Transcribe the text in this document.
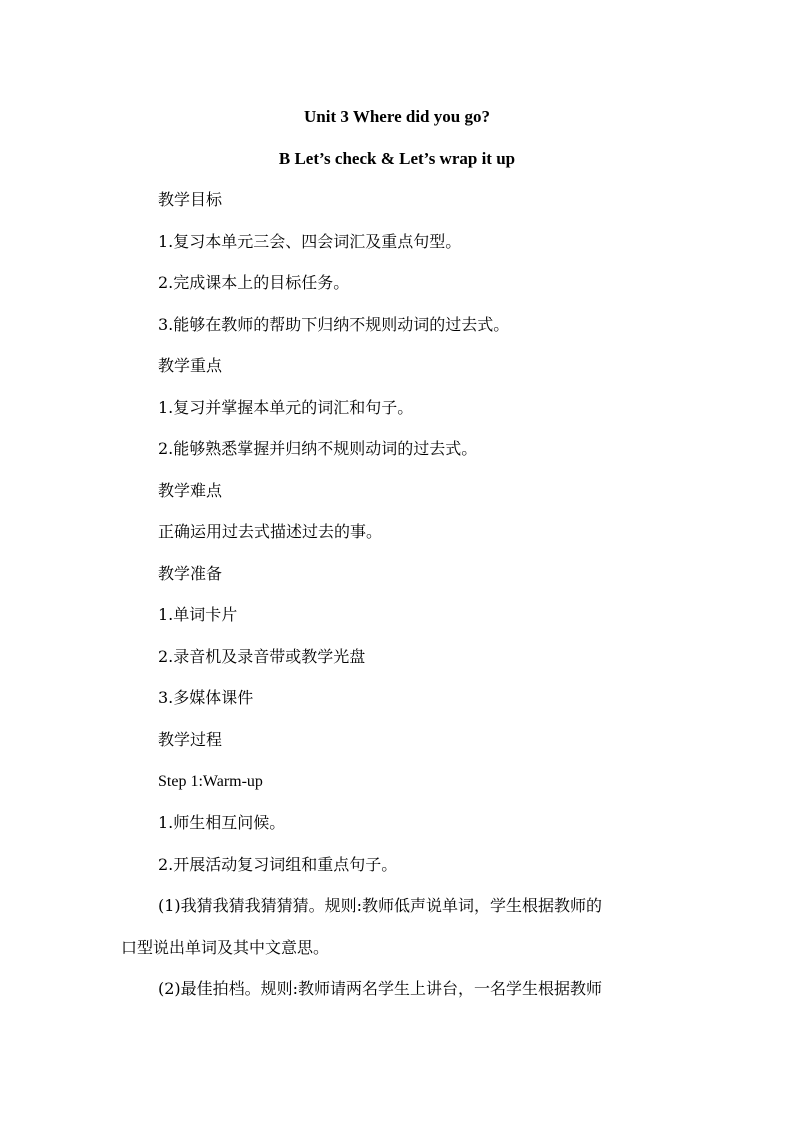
Unit 3 Where did you go?
B Let’s check & Let’s wrap it up
教学目标
1.复习本单元三会、四会词汇及重点句型。
2.完成课本上的目标任务。
3.能够在教师的帮助下归纳不规则动词的过去式。
教学重点
1.复习并掌握本单元的词汇和句子。
2.能够熟悉掌握并归纳不规则动词的过去式。
教学难点
正确运用过去式描述过去的事。
教学准备
1.单词卡片
2.录音机及录音带或教学光盘
3.多媒体课件
教学过程
Step 1:Warm-up
1.师生相互问候。
2.开展活动复习词组和重点句子。
(1)我猜我猜我猜猜猜。规则:教师低声说单词，学生根据教师的
口型说出单词及其中文意思。
(2)最佳拍档。规则:教师请两名学生上讲台，一名学生根据教师
